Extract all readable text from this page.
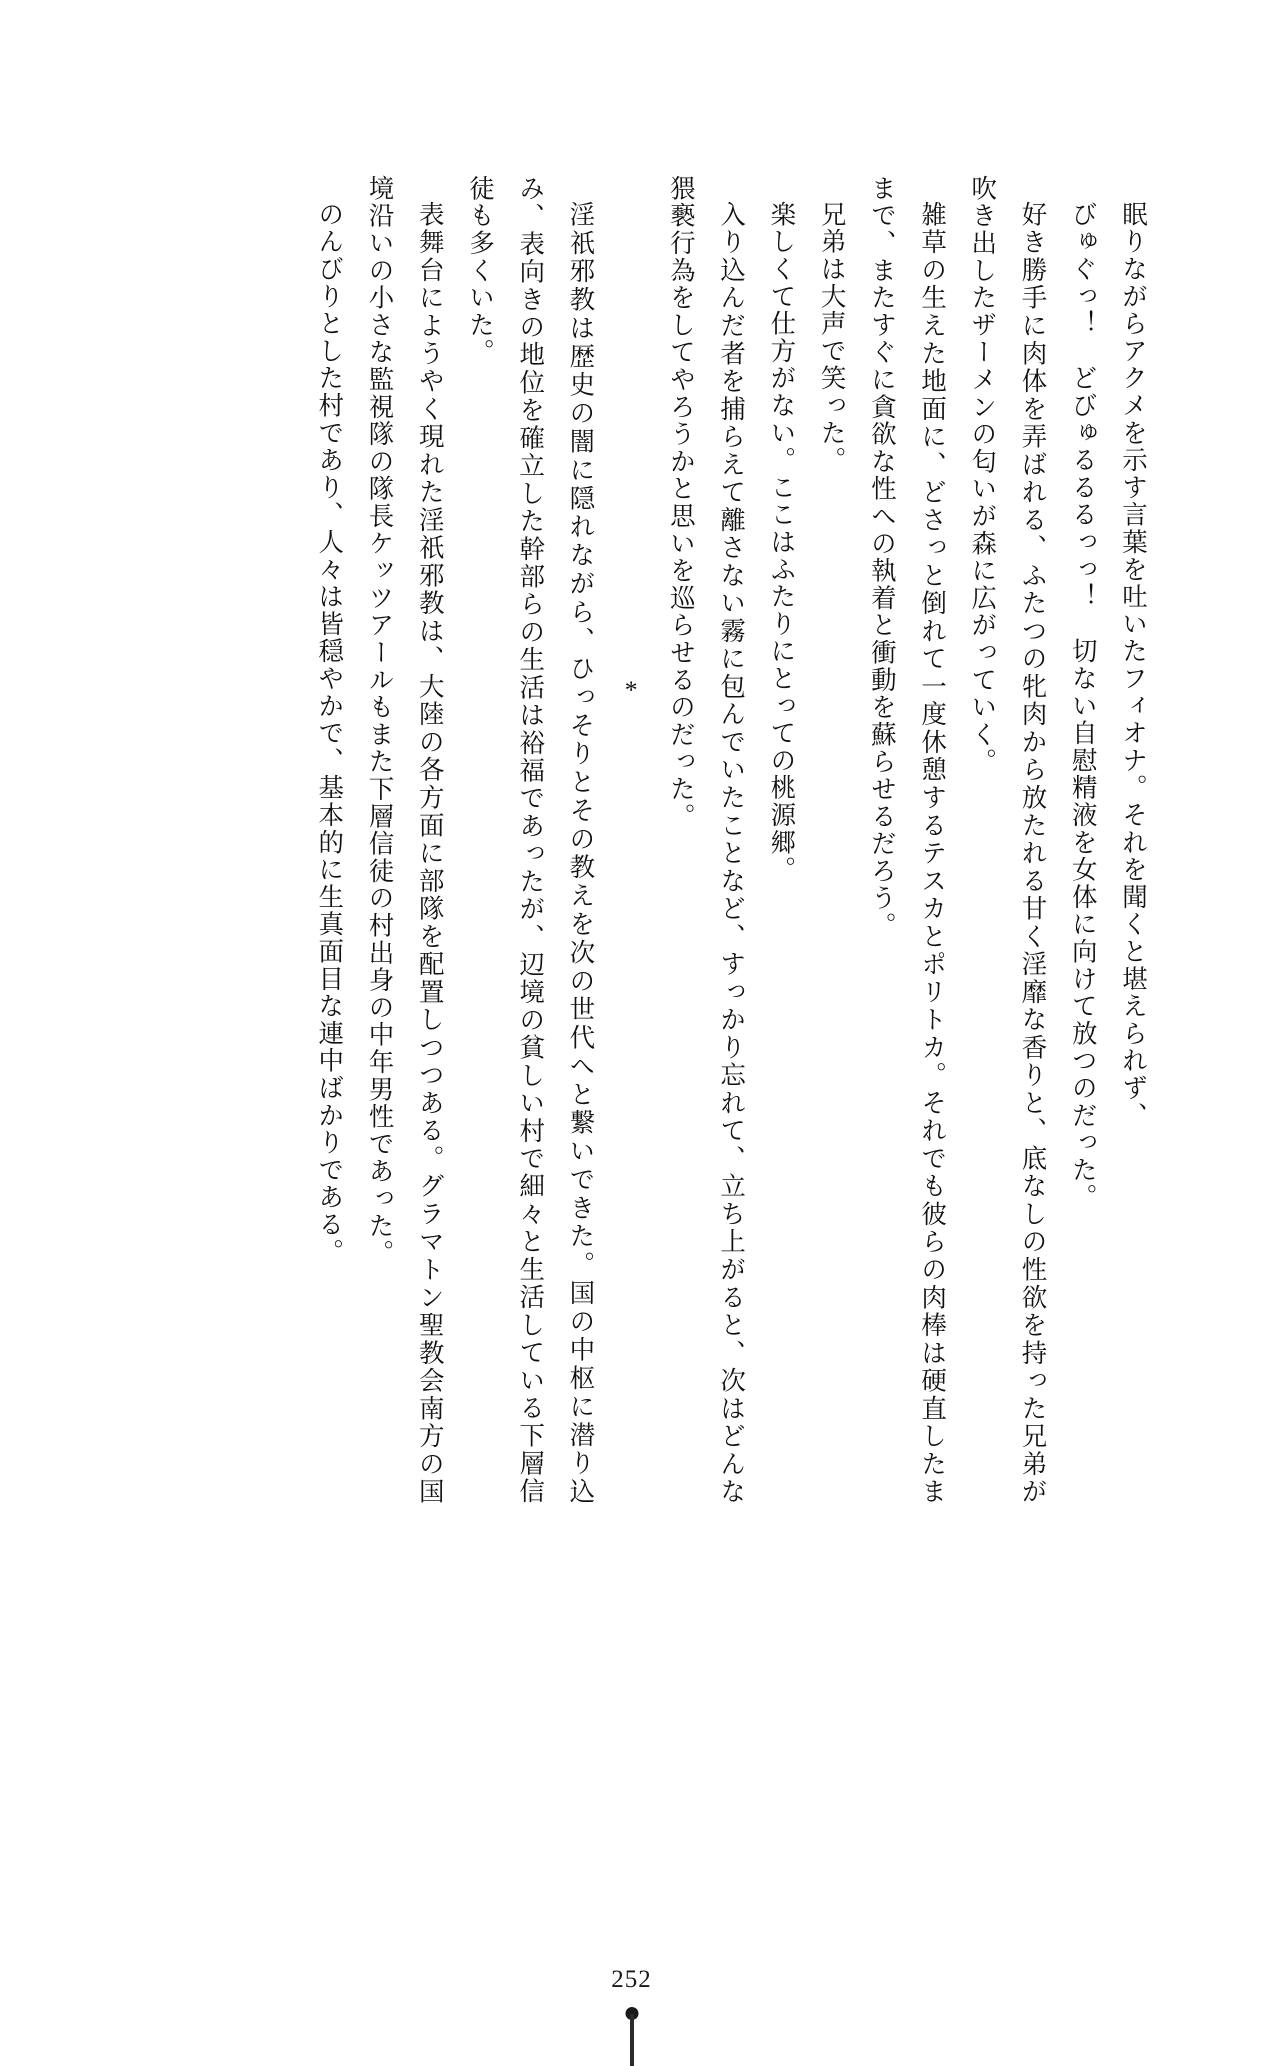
眠りながらアクメを示す言葉を吐いたフィオナ。それを聞くと堪えられず、

びゅぐっ！　どびゅるるるっっ！　切ない自慰精液を女体に向けて放つのだった。

好き勝手に肉体を弄ばれる、ふたつの牝肉から放たれる甘く淫靡な香りと、底なしの性欲を持った兄弟が吹き出したザーメンの匂いが森に広がっていく。

雑草の生えた地面に、どさっと倒れて一度休憩するテスカとポリトカ。それでも彼らの肉棒は硬直したままで、またすぐに貪欲な性への執着と衝動を蘇らせるだろう。

兄弟は大声で笑った。

楽しくて仕方がない。ここはふたりにとっての桃源郷。

入り込んだ者を捕らえて離さない霧に包んでいたことなど、すっかり忘れて、立ち上がると、次はどんな猥褻行為をしてやろうかと思いを巡らせるのだった。

*

淫祇邪教は歴史の闇に隠れながら、ひっそりとその教えを次の世代へと繋いできた。国の中枢に潜り込み、表向きの地位を確立した幹部らの生活は裕福であったが、辺境の貧しい村で細々と生活している下層信徒も多くいた。

表舞台にようやく現れた淫祇邪教は、大陸の各方面に部隊を配置しつつある。グラマトン聖教会南方の国境沿いの小さな監視隊の隊長ケッツアールもまた下層信徒の村出身の中年男性であった。

のんびりとした村であり、人々は皆穏やかで、基本的に生真面目な連中ばかりである。

252
